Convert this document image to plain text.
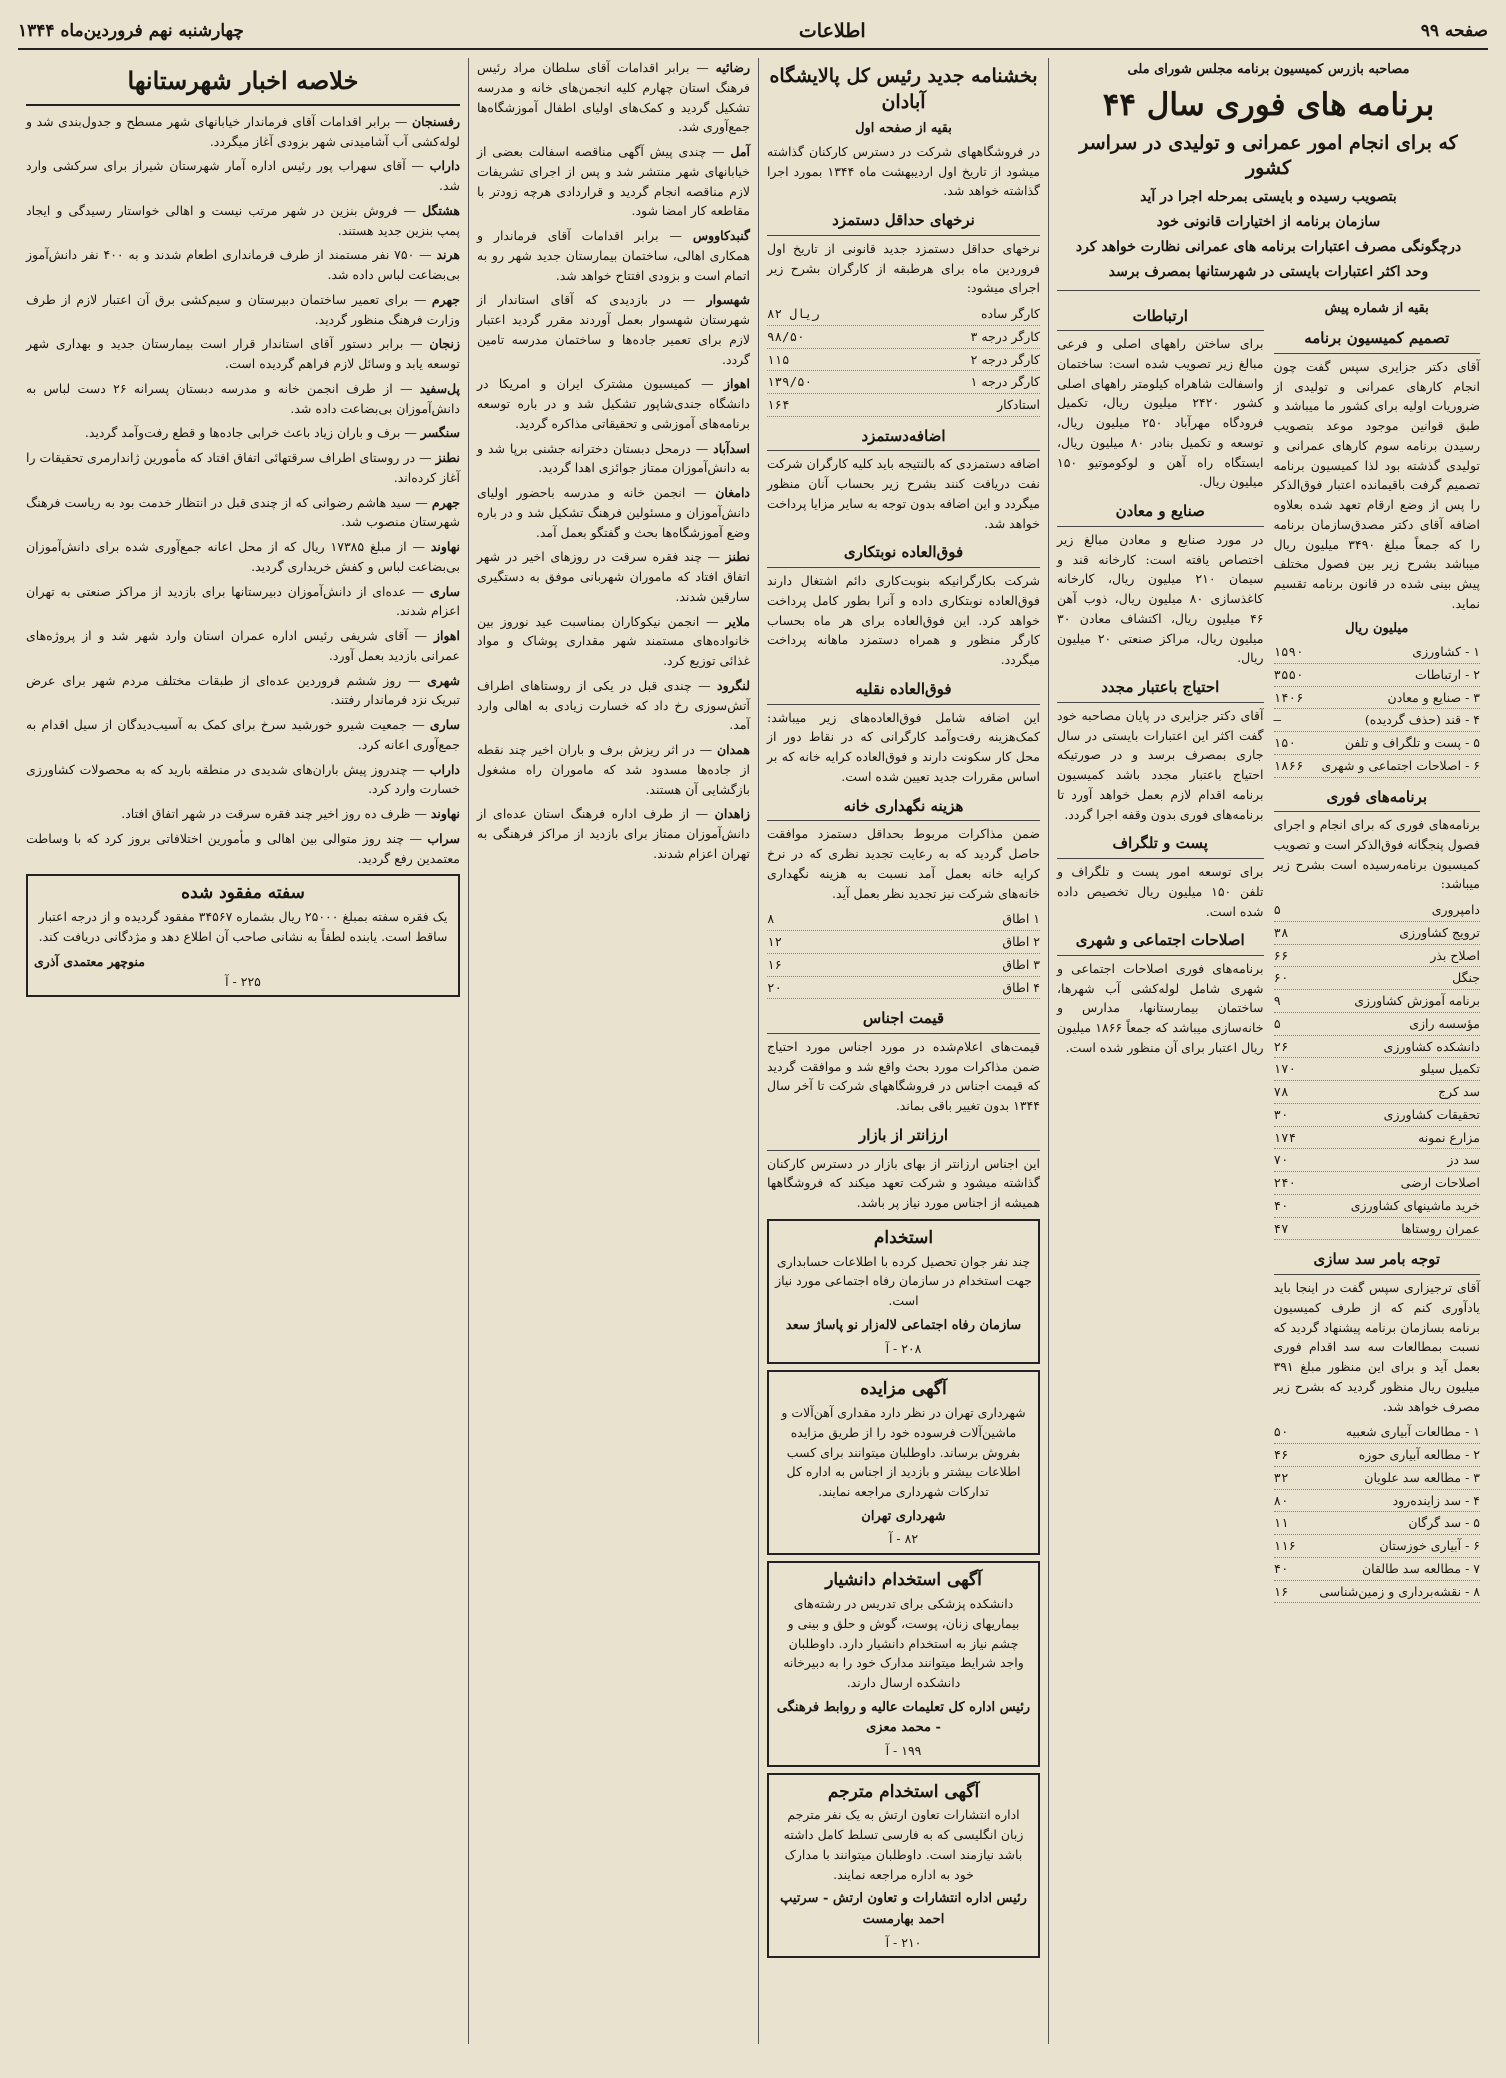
صفحه ۹۹
اطلاعات
چهارشنبه نهم فروردین‌ماه ۱۳۴۴
مصاحبه بازرس کمیسیون برنامه مجلس شورای ملی
برنامه های فوری سال ۴۴
که برای انجام امور عمرانی و تولیدی در سراسر کشور
بتصویب رسیده و بایستی بمرحله اجرا در آید
سازمان برنامه از اختیارات قانونی خود
درچگونگی مصرف اعتبارات برنامه های عمرانی نظارت خواهد کرد
وحد اکثر اعتبارات بایستی در شهرستانها بمصرف برسد
بقیه از شماره پیش
تصمیم کمیسیون برنامه

آقای دکتر جزایری سپس گفت چون انجام کارهای عمرانی و تولیدی از ضروریات اولیه برای کشور ما میباشد و طبق قوانین موجود موعد بتصویب رسیدن برنامه سوم کارهای عمرانی و تولیدی گذشته بود لذا کمیسیون برنامه تصمیم گرفت باقیمانده اعتبار فوق‌الذکر را پس از وضع ارقام تعهد شده بعلاوه اضافه آقای دکتر مصدق‌سازمان برنامه را که جمعاً مبلغ ۳۴۹۰ میلیون ریال میباشد بشرح زیر بین فصول مختلف پیش بینی شده در قانون برنامه تقسیم نماید.

میلیون ریال
۱ - کشاورزی
۱۵۹۰
۲ - ارتباطات
۳۵۵۰
۳ - صنایع و معادن
۱۴۰۶
۴ - قند (حذف گردیده)
—
۵ - پست و تلگراف و تلفن
۱۵۰
۶ - اصلاحات اجتماعی و شهری
۱۸۶۶
برنامه‌های فوری

برنامه‌های فوری که برای انجام و اجرای فصول پنجگانه فوق‌الذکر است و تصویب کمیسیون برنامه‌رسیده است بشرح زیر میباشد:

دامپروری
۵
ترویج کشاورزی
۳۸
اصلاح بذر
۶۶
جنگل
۶۰
برنامه آموزش کشاورزی
۹
مؤسسه رازی
۵
دانشکده کشاورزی
۲۶
تکمیل سیلو
۱۷۰
سد کرج
۷۸
تحقیقات کشاورزی
۳۰
مزارع نمونه
۱۷۴
سد دز
۷۰
اصلاحات ارضی
۲۴۰
خرید ماشینهای کشاورزی
۴۰
عمران روستاها
۴۷
توجه بامر سد سازی

آقای ترجیزاری سپس گفت در اینجا باید یادآوری کنم که از طرف کمیسیون برنامه بسازمان برنامه پیشنهاد گردید که نسبت بمطالعات سه سد اقدام فوری بعمل آید و برای این منظور مبلغ ۳۹۱ میلیون ریال منظور گردید که بشرح زیر مصرف خواهد شد.

۱ - مطالعات آبیاری شعبیه
۵۰
۲ - مطالعه آبیاری حوزه
۴۶
۳ - مطالعه سد علویان
۳۲
۴ - سد زاینده‌رود
۸۰
۵ - سد گرگان
۱۱
۶ - آبیاری خوزستان
۱۱۶
۷ - مطالعه سد طالقان
۴۰
۸ - نقشه‌برداری و زمین‌شناسی
۱۶
ارتباطات

برای ساختن راههای اصلی و فرعی مبالغ زیر تصویب شده است: ساختمان واسفالت شاهراه کیلومتر راههای اصلی کشور ۲۴۲۰ میلیون ریال، تکمیل فرودگاه مهرآباد ۲۵۰ میلیون ریال، توسعه و تکمیل بنادر ۸۰ میلیون ریال، ایستگاه راه آهن و لوکوموتیو ۱۵۰ میلیون ریال.

صنایع و معادن

در مورد صنایع و معادن مبالغ زیر اختصاص یافته است: کارخانه قند و سیمان ۲۱۰ میلیون ریال، کارخانه کاغذسازی ۸۰ میلیون ریال، ذوب آهن ۴۶ میلیون ریال، اکتشاف معادن ۳۰ میلیون ریال، مراکز صنعتی ۲۰ میلیون ریال.

احتیاج باعتبار مجدد

آقای دکتر جزایری در پایان مصاحبه خود گفت اکثر این اعتبارات بایستی در سال جاری بمصرف برسد و در صورتیکه احتیاج باعتبار مجدد باشد کمیسیون برنامه اقدام لازم بعمل خواهد آورد تا برنامه‌های فوری بدون وقفه اجرا گردد.

پست و تلگراف

برای توسعه امور پست و تلگراف و تلفن ۱۵۰ میلیون ریال تخصیص داده شده است.

اصلاحات اجتماعی و شهری

برنامه‌های فوری اصلاحات اجتماعی و شهری شامل لوله‌کشی آب شهرها، ساختمان بیمارستانها، مدارس و خانه‌سازی میباشد که جمعاً ۱۸۶۶ میلیون ریال اعتبار برای آن منظور شده است.

بخشنامه جدید رئیس کل پالایشگاه آبادان
بقیه از صفحه اول

در فروشگاههای شرکت در دسترس کارکنان گذاشته میشود از تاریخ اول اردیبهشت ماه ۱۳۴۴ بمورد اجرا گذاشته خواهد شد.

نرخهای حداقل دستمزد

نرخهای حداقل دستمزد جدید قانونی از تاریخ اول فروردین ماه برای هرطبقه از کارگران بشرح زیر اجرای میشود:

کارگر ساده
۸۲ ریال
کارگر درجه ۳
۹۸/۵۰
کارگر درجه ۲
۱۱۵
کارگر درجه ۱
۱۳۹/۵۰
استادکار
۱۶۴
اضافه‌دستمزد

اضافه دستمزدی که بالنتیجه باید کلیه کارگران شرکت نفت دریافت کنند بشرح زیر بحساب آنان منظور میگردد و این اضافه بدون توجه به سایر مزایا پرداخت خواهد شد.

فوق‌العاده نوبتکاری

شرکت بکارگرانیکه بنوبت‌کاری دائم اشتغال دارند فوق‌العاده نوبتکاری داده و آنرا بطور کامل پرداخت خواهد کرد. این فوق‌العاده برای هر ماه بحساب کارگر منظور و همراه دستمزد ماهانه پرداخت میگردد.

فوق‌العاده نقلیه

این اضافه شامل فوق‌العاده‌های زیر میباشد: کمک‌هزینه رفت‌وآمد کارگرانی که در نقاط دور از محل کار سکونت دارند و فوق‌العاده کرایه خانه که بر اساس مقررات جدید تعیین شده است.

هزینه نگهداری خانه

ضمن مذاکرات مربوط بحداقل دستمزد موافقت حاصل گردید که به رعایت تجدید نظری که در نرخ کرایه خانه بعمل آمد نسبت به هزینه نگهداری خانه‌های شرکت نیز تجدید نظر بعمل آید.

۱ اطاق
۸
۲ اطاق
۱۲
۳ اطاق
۱۶
۴ اطاق
۲۰
قیمت اجناس

قیمت‌های اعلام‌شده در مورد اجناس مورد احتیاج ضمن مذاکرات مورد بحث واقع شد و موافقت گردید که قیمت اجناس در فروشگاههای شرکت تا آخر سال ۱۳۴۴ بدون تغییر باقی بماند.

ارزانتر از بازار

این اجناس ارزانتر از بهای بازار در دسترس کارکنان گذاشته میشود و شرکت تعهد میکند که فروشگاهها همیشه از اجناس مورد نیاز پر باشد.

استخدام

چند نفر جوان تحصیل کرده با اطلاعات حسابداری جهت استخدام در سازمان رفاه اجتماعی مورد نیاز است.

سازمان رفاه اجتماعی لاله‌زار نو پاساژ سعد
۲۰۸ - آ
آگهی مزایده

شهرداری تهران در نظر دارد مقداری آهن‌آلات و ماشین‌آلات فرسوده خود را از طریق مزایده بفروش برساند. داوطلبان میتوانند برای کسب اطلاعات بیشتر و بازدید از اجناس به اداره کل تدارکات شهرداری مراجعه نمایند.

شهرداری تهران
۸۲ - آ
آگهی استخدام دانشیار

دانشکده پزشکی برای تدریس در رشته‌های بیماریهای زنان، پوست، گوش و حلق و بینی و چشم نیاز به استخدام دانشیار دارد. داوطلبان واجد شرایط میتوانند مدارک خود را به دبیرخانه دانشکده ارسال دارند.

رئیس اداره کل تعلیمات عالیه و روابط فرهنگی - محمد معزی
۱۹۹ - آ
آگهی استخدام مترجم

اداره انتشارات تعاون ارتش به یک نفر مترجم زبان انگلیسی که به فارسی تسلط کامل داشته باشد نیازمند است. داوطلبان میتوانند با مدارک خود به اداره مراجعه نمایند.

رئیس اداره انتشارات و تعاون ارتش - سرتیپ احمد بهارمست
۲۱۰ - آ

رضائیه — برابر اقدامات آقای سلطان مراد رئیس فرهنگ استان چهارم کلیه انجمن‌های خانه و مدرسه تشکیل گردید و کمک‌های اولیای اطفال آموزشگاه‌ها جمع‌آوری شد.

آمل — چندی پیش آگهی مناقصه اسفالت بعضی از خیابانهای شهر منتشر شد و پس از اجرای تشریفات لازم مناقصه انجام گردید و قراردادی هرچه زودتر با مقاطعه کار امضا شود.

گنبدکاووس — برابر اقدامات آقای فرماندار و همکاری اهالی، ساختمان بیمارستان جدید شهر رو به اتمام است و بزودی افتتاح خواهد شد.

شهسوار — در بازدیدی که آقای استاندار از شهرستان شهسوار بعمل آوردند مقرر گردید اعتبار لازم برای تعمیر جاده‌ها و ساختمان مدرسه تامین گردد.

اهواز — کمیسیون مشترک ایران و امریکا در دانشگاه جندی‌شاپور تشکیل شد و در باره توسعه برنامه‌های آموزشی و تحقیقاتی مذاکره گردید.

اسدآباد — درمحل دبستان دخترانه جشنی برپا شد و به دانش‌آموزان ممتاز جوائزی اهدا گردید.

دامغان — انجمن خانه و مدرسه باحضور اولیای دانش‌آموزان و مسئولین فرهنگ تشکیل شد و در باره وضع آموزشگاه‌ها بحث و گفتگو بعمل آمد.

نطنز — چند فقره سرقت در روزهای اخیر در شهر اتفاق افتاد که ماموران شهربانی موفق به دستگیری سارقین شدند.

ملایر — انجمن نیکوکاران بمناسبت عید نوروز بین خانواده‌های مستمند شهر مقداری پوشاک و مواد غذائی توزیع کرد.

لنگرود — چندی قبل در یکی از روستاهای اطراف آتش‌سوزی رخ داد که خسارت زیادی به اهالی وارد آمد.

همدان — در اثر ریزش برف و باران اخیر چند نقطه از جاده‌ها مسدود شد که ماموران راه مشغول بازگشایی آن هستند.

زاهدان — از طرف اداره فرهنگ استان عده‌ای از دانش‌آموزان ممتاز برای بازدید از مراکز فرهنگی به تهران اعزام شدند.

خلاصه اخبار شهرستانها

رفسنجان — برابر اقدامات آقای فرماندار خیابانهای شهر مسطح و جدول‌بندی شد و لوله‌کشی آب آشامیدنی شهر بزودی آغاز میگردد.

داراب — آقای سهراب پور رئیس اداره آمار شهرستان شیراز برای سرکشی وارد شد.

هشتگل — فروش بنزین در شهر مرتب نیست و اهالی خواستار رسیدگی و ایجاد پمپ بنزین جدید هستند.

هرند — ۷۵۰ نفر مستمند از طرف فرمانداری اطعام شدند و به ۴۰۰ نفر دانش‌آموز بی‌بضاعت لباس داده شد.

جهرم — برای تعمیر ساختمان دبیرستان و سیم‌کشی برق آن اعتبار لازم از طرف وزارت فرهنگ منظور گردید.

زنجان — برابر دستور آقای استاندار قرار است بیمارستان جدید و بهداری شهر توسعه یابد و وسائل لازم فراهم گردیده است.

پل‌سفید — از طرف انجمن خانه و مدرسه دبستان پسرانه ۲۶ دست لباس به دانش‌آموزان بی‌بضاعت داده شد.

سنگسر — برف و باران زیاد باعث خرابی جاده‌ها و قطع رفت‌وآمد گردید.

نطنز — در روستای اطراف سرقتهائی اتفاق افتاد که مأمورین ژاندارمری تحقیقات را آغاز کرده‌اند.

جهرم — سید هاشم رضوانی که از چندی قبل در انتظار خدمت بود به ریاست فرهنگ شهرستان منصوب شد.

نهاوند — از مبلغ ۱۷۳۸۵ ریال که از محل اعانه جمع‌آوری شده برای دانش‌آموزان بی‌بضاعت لباس و کفش خریداری گردید.

ساری — عده‌ای از دانش‌آموزان دبیرستانها برای بازدید از مراکز صنعتی به تهران اعزام شدند.

اهواز — آقای شریفی رئیس اداره عمران استان وارد شهر شد و از پروژه‌های عمرانی بازدید بعمل آورد.

شهری — روز ششم فروردین عده‌ای از طبقات مختلف مردم شهر برای عرض تبریک نزد فرماندار رفتند.

ساری — جمعیت شیرو خورشید سرخ برای کمک به آسیب‌دیدگان از سیل اقدام به جمع‌آوری اعانه کرد.

داراب — چندروز پیش باران‌های شدیدی در منطقه بارید که به محصولات کشاورزی خسارت وارد کرد.

نهاوند — ظرف ده روز اخیر چند فقره سرقت در شهر اتفاق افتاد.

سراب — چند روز متوالی بین اهالی و مأمورین اختلافاتی بروز کرد که با وساطت معتمدین رفع گردید.

سفته مفقود شده

یک فقره سفته بمبلغ ۲۵۰۰۰ ریال بشماره ۳۴۵۶۷ مفقود گردیده و از درجه اعتبار ساقط است. یابنده لطفاً به نشانی صاحب آن اطلاع دهد و مژدگانی دریافت کند.

منوچهر معتمدی آذری
۲۲۵ - آ
